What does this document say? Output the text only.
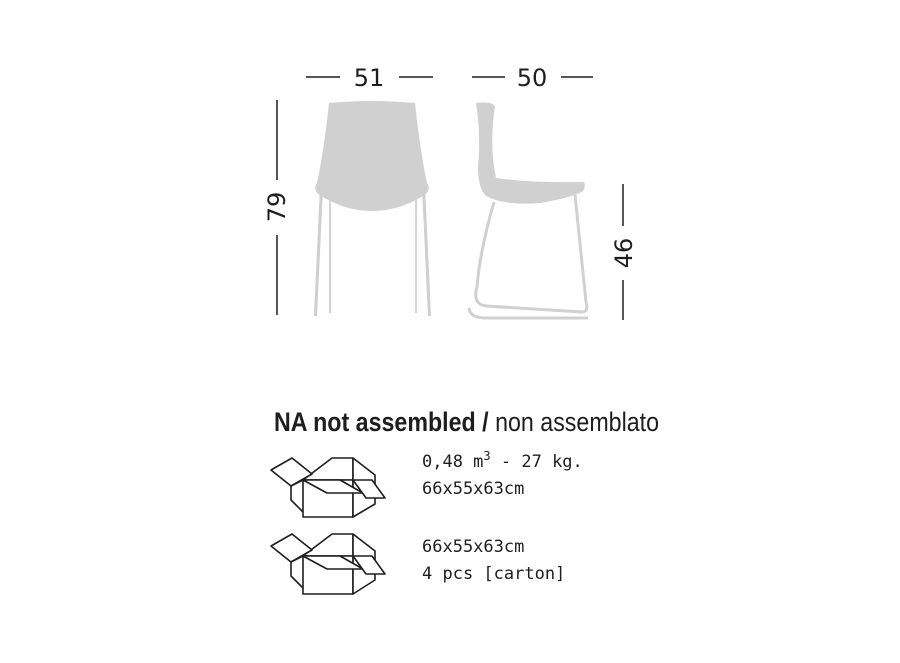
51	50
79
46
NA not assembled / non assemblato

0,48 $m^3 - 27$ kg.
66x55x63cm

66x55x63cm
4 pcs [carton]
